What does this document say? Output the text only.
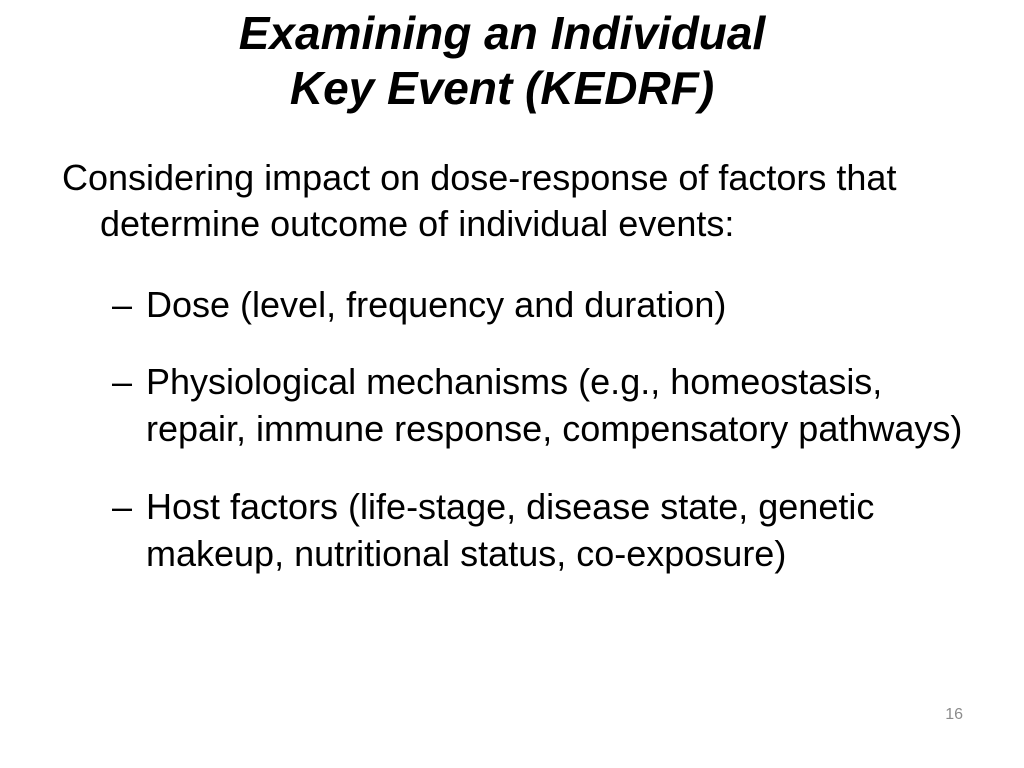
Examining an Individual
Key Event (KEDRF)

Considering impact on dose-response of factors that determine outcome of individual events:

– Dose (level, frequency and duration)
– Physiological mechanisms (e.g., homeostasis, repair, immune response, compensatory pathways)
– Host factors (life-stage, disease state, genetic makeup, nutritional status, co-exposure)
16
